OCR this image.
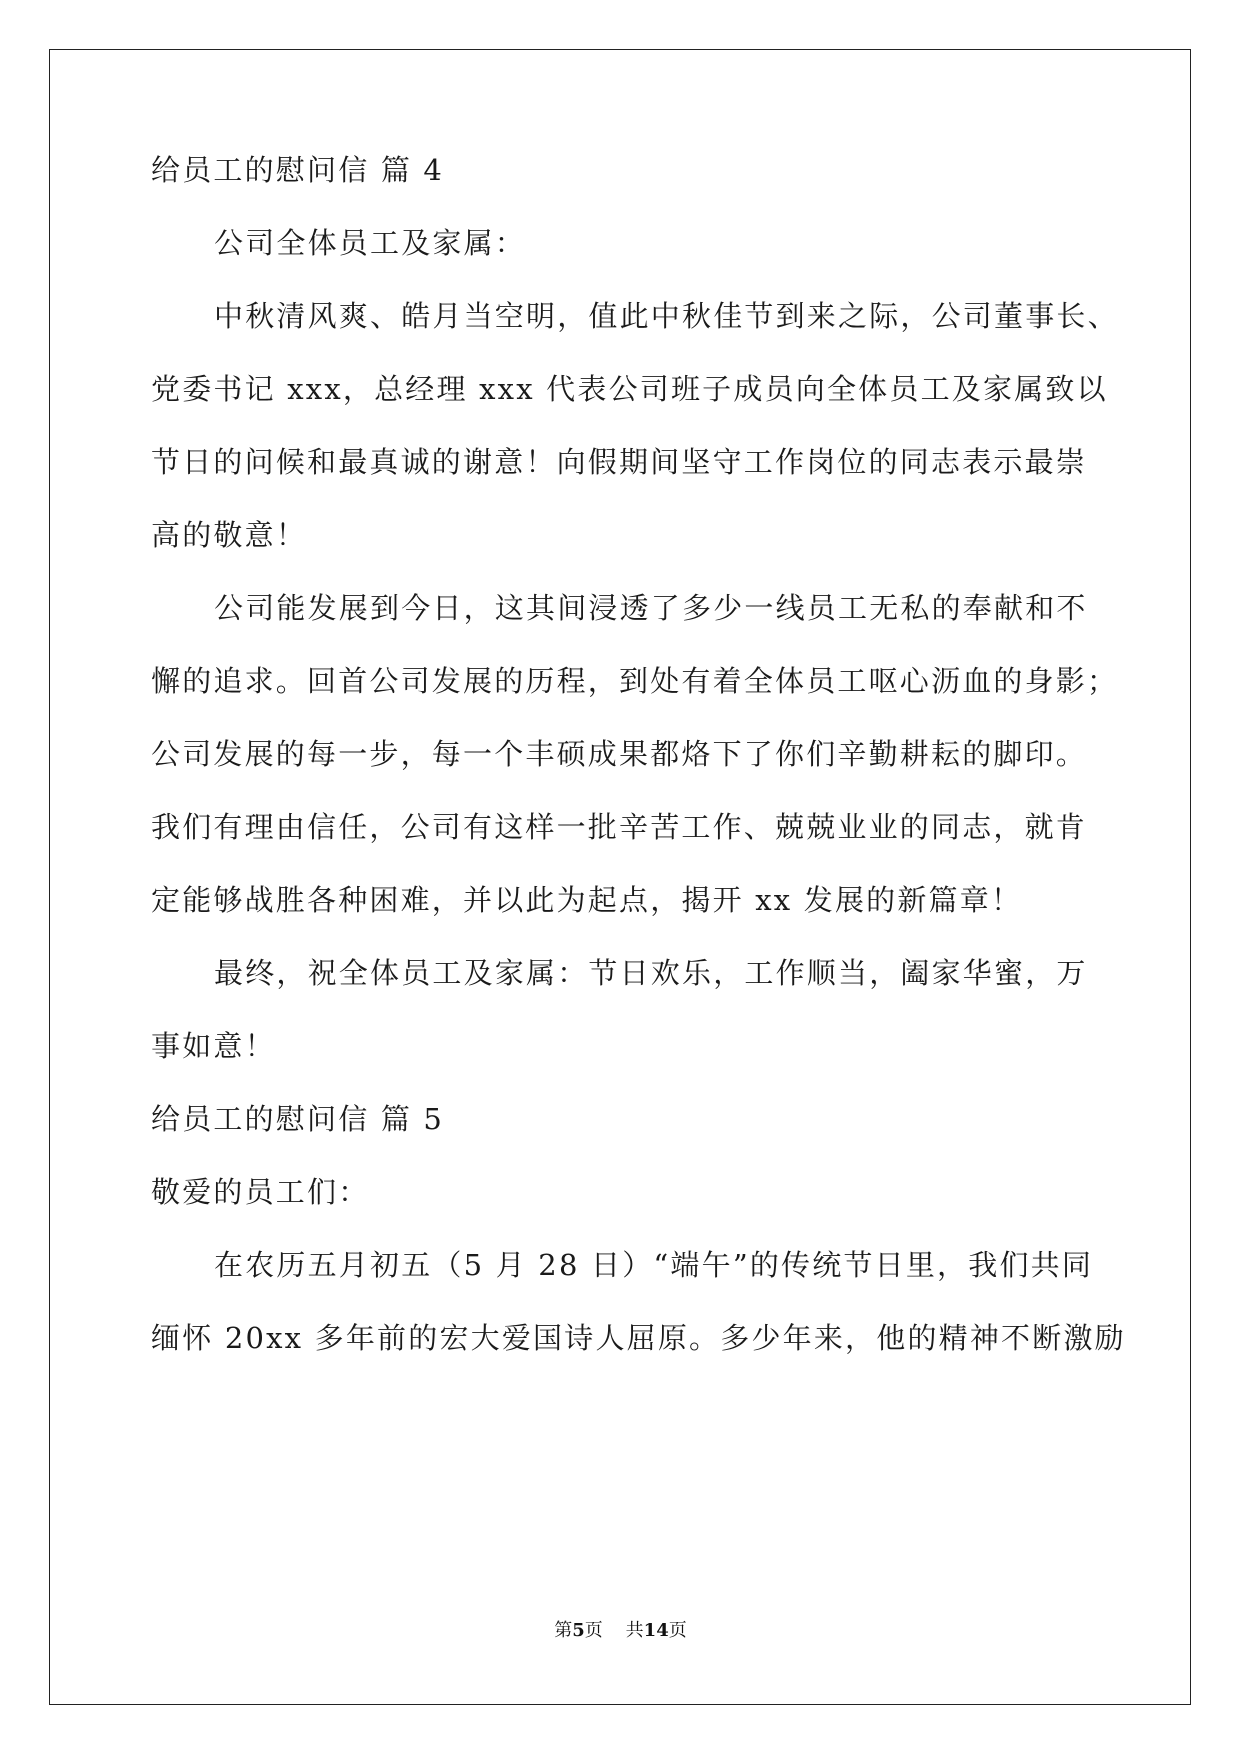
给员工的慰问信 篇 4
公司全体员工及家属：
中秋清风爽、皓月当空明，值此中秋佳节到来之际，公司董事长、
党委书记 xxx，总经理 xxx 代表公司班子成员向全体员工及家属致以
节日的问候和最真诚的谢意！向假期间坚守工作岗位的同志表示最崇
高的敬意！
公司能发展到今日，这其间浸透了多少一线员工无私的奉献和不
懈的追求。回首公司发展的历程，到处有着全体员工呕心沥血的身影；
公司发展的每一步，每一个丰硕成果都烙下了你们辛勤耕耘的脚印。
我们有理由信任，公司有这样一批辛苦工作、兢兢业业的同志，就肯
定能够战胜各种困难，并以此为起点，揭开 xx 发展的新篇章！
最终，祝全体员工及家属：节日欢乐，工作顺当，阖家华蜜，万
事如意！
给员工的慰问信 篇 5
敬爱的员工们：
在农历五月初五（5 月 28 日）“端午”的传统节日里，我们共同
缅怀 20xx 多年前的宏大爱国诗人屈原。多少年来，他的精神不断激励
第5页 共14页
